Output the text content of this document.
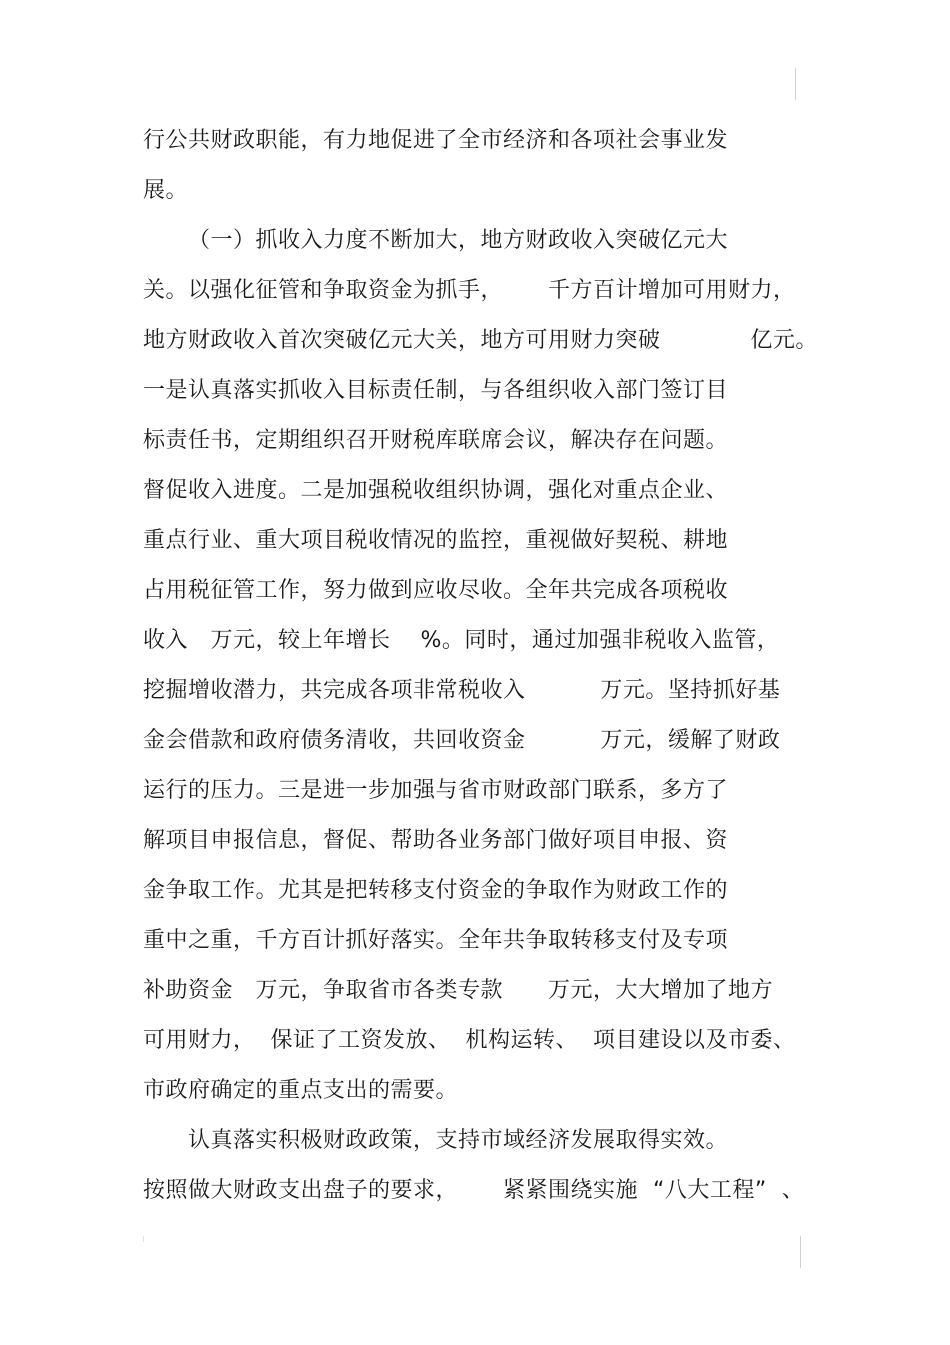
行公共财政职能，有力地促进了全市经济和各项社会事业发
展。
（一）抓收入力度不断加大，地方财政收入突破亿元大
关。以强化征管和争取资金为抓手，      千方百计增加可用财力，
地方财政收入首次突破亿元大关，地方可用财力突破            亿元。
一是认真落实抓收入目标责任制，与各组织收入部门签订目
标责任书，定期组织召开财税库联席会议，解决存在问题。
督促收入进度。二是加强税收组织协调，强化对重点企业、
重点行业、重大项目税收情况的监控，重视做好契税、耕地
占用税征管工作，努力做到应收尽收。全年共完成各项税收
收入   万元，较上年增长    %。同时，通过加强非税收入监管，
挖掘增收潜力，共完成各项非常税收入          万元。坚持抓好基
金会借款和政府债务清收，共回收资金          万元，缓解了财政
运行的压力。三是进一步加强与省市财政部门联系，多方了
解项目申报信息，督促、帮助各业务部门做好项目申报、资
金争取工作。尤其是把转移支付资金的争取作为财政工作的
重中之重，千方百计抓好落实。全年共争取转移支付及专项
补助资金   万元，争取省市各类专款      万元，大大增加了地方
可用财力，  保证了工资发放、  机构运转、  项目建设以及市委、
市政府确定的重点支出的需要。
认真落实积极财政政策，支持市域经济发展取得实效。
按照做大财政支出盘子的要求，      紧紧围绕实施  “八大工程”  、
